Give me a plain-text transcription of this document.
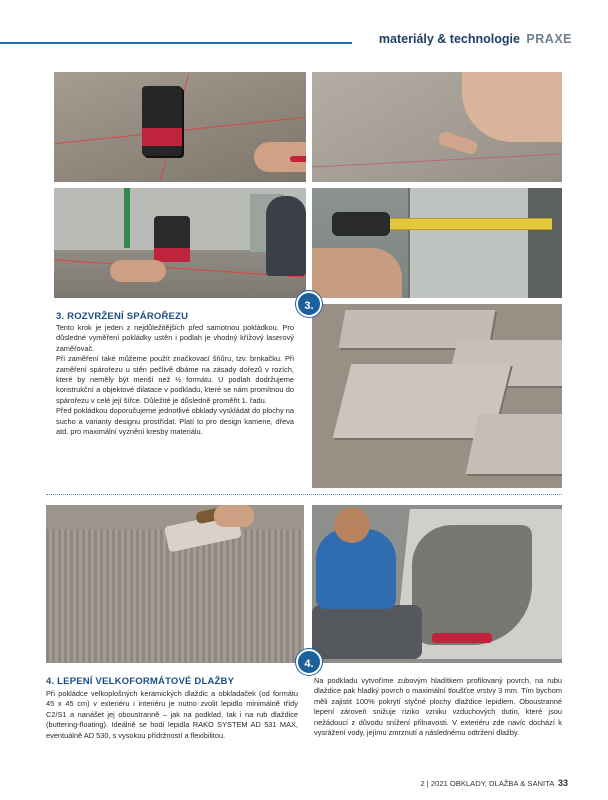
materiály & technologie PRAXE
3.
3. ROZVRŽENÍ SPÁROŘEZU

Tento krok je jeden z nejdůležitějších před samotnou pokládkou. Pro důsledné vyměření pokládky ustěn i podlah je vhodný křížový laserový zaměřovač.

Při zaměření také můžeme použít značkovací šňůru, tzv. brnkačku. Při zaměření spárořezu u stěn pečlivě dbáme na zásady dořezů v rozích, které by neměly být menší než ½ formátu. U podlah dodržujeme konstrukční a objektové dilatace v podkladu, které se nám promítnou do spárořezu v celé její šířce. Důležité je důsledně proměřit 1. řadu.

Před pokládkou doporučujeme jednotlivé obklady vyskládat do plochy na sucho a varianty designu prostřídat. Platí to pro design kamene, dřeva atd. pro maximální vyznění kresby materiálu.

4.
4. LEPENÍ VELKOFORMÁTOVÉ DLAŽBY
Při pokládce velkoplošných keramických dlaždic a obkladaček (od formátu 45 x 45 cm) v exteriéru i interiéru je nutno zvolit lepidlo minimálně třídy C2/S1 a nanášet jej oboustranně – jak na podklad, tak i na rub dlaždice (buttering-floating). Ideálně se hodí lepidla RAKO SYSTEM AD 531 MAX, eventuálně AD 530, s vysokou přídržností a flexibilitou.
Na podkladu vytvoříme zubovým hladítkem profilovaný povrch, na rubu dlaždice pak hladký povrch o maximální tloušťce vrstvy 3 mm. Tím bychom měli zajistit 100% pokrytí styčné plochy dlaždice lepidlem. Oboustranné lepení zároveň snižuje riziko vzniku vzduchových dutin, které jsou nežádoucí z důvodu snížení přilnavosti. V exteriéru zde navíc dochází k vysrážení vody, jejímu zmrznutí a následnému odtržení dlažby.
2 | 2021 OBKLADY, DLAŽBA & SANITA 33
